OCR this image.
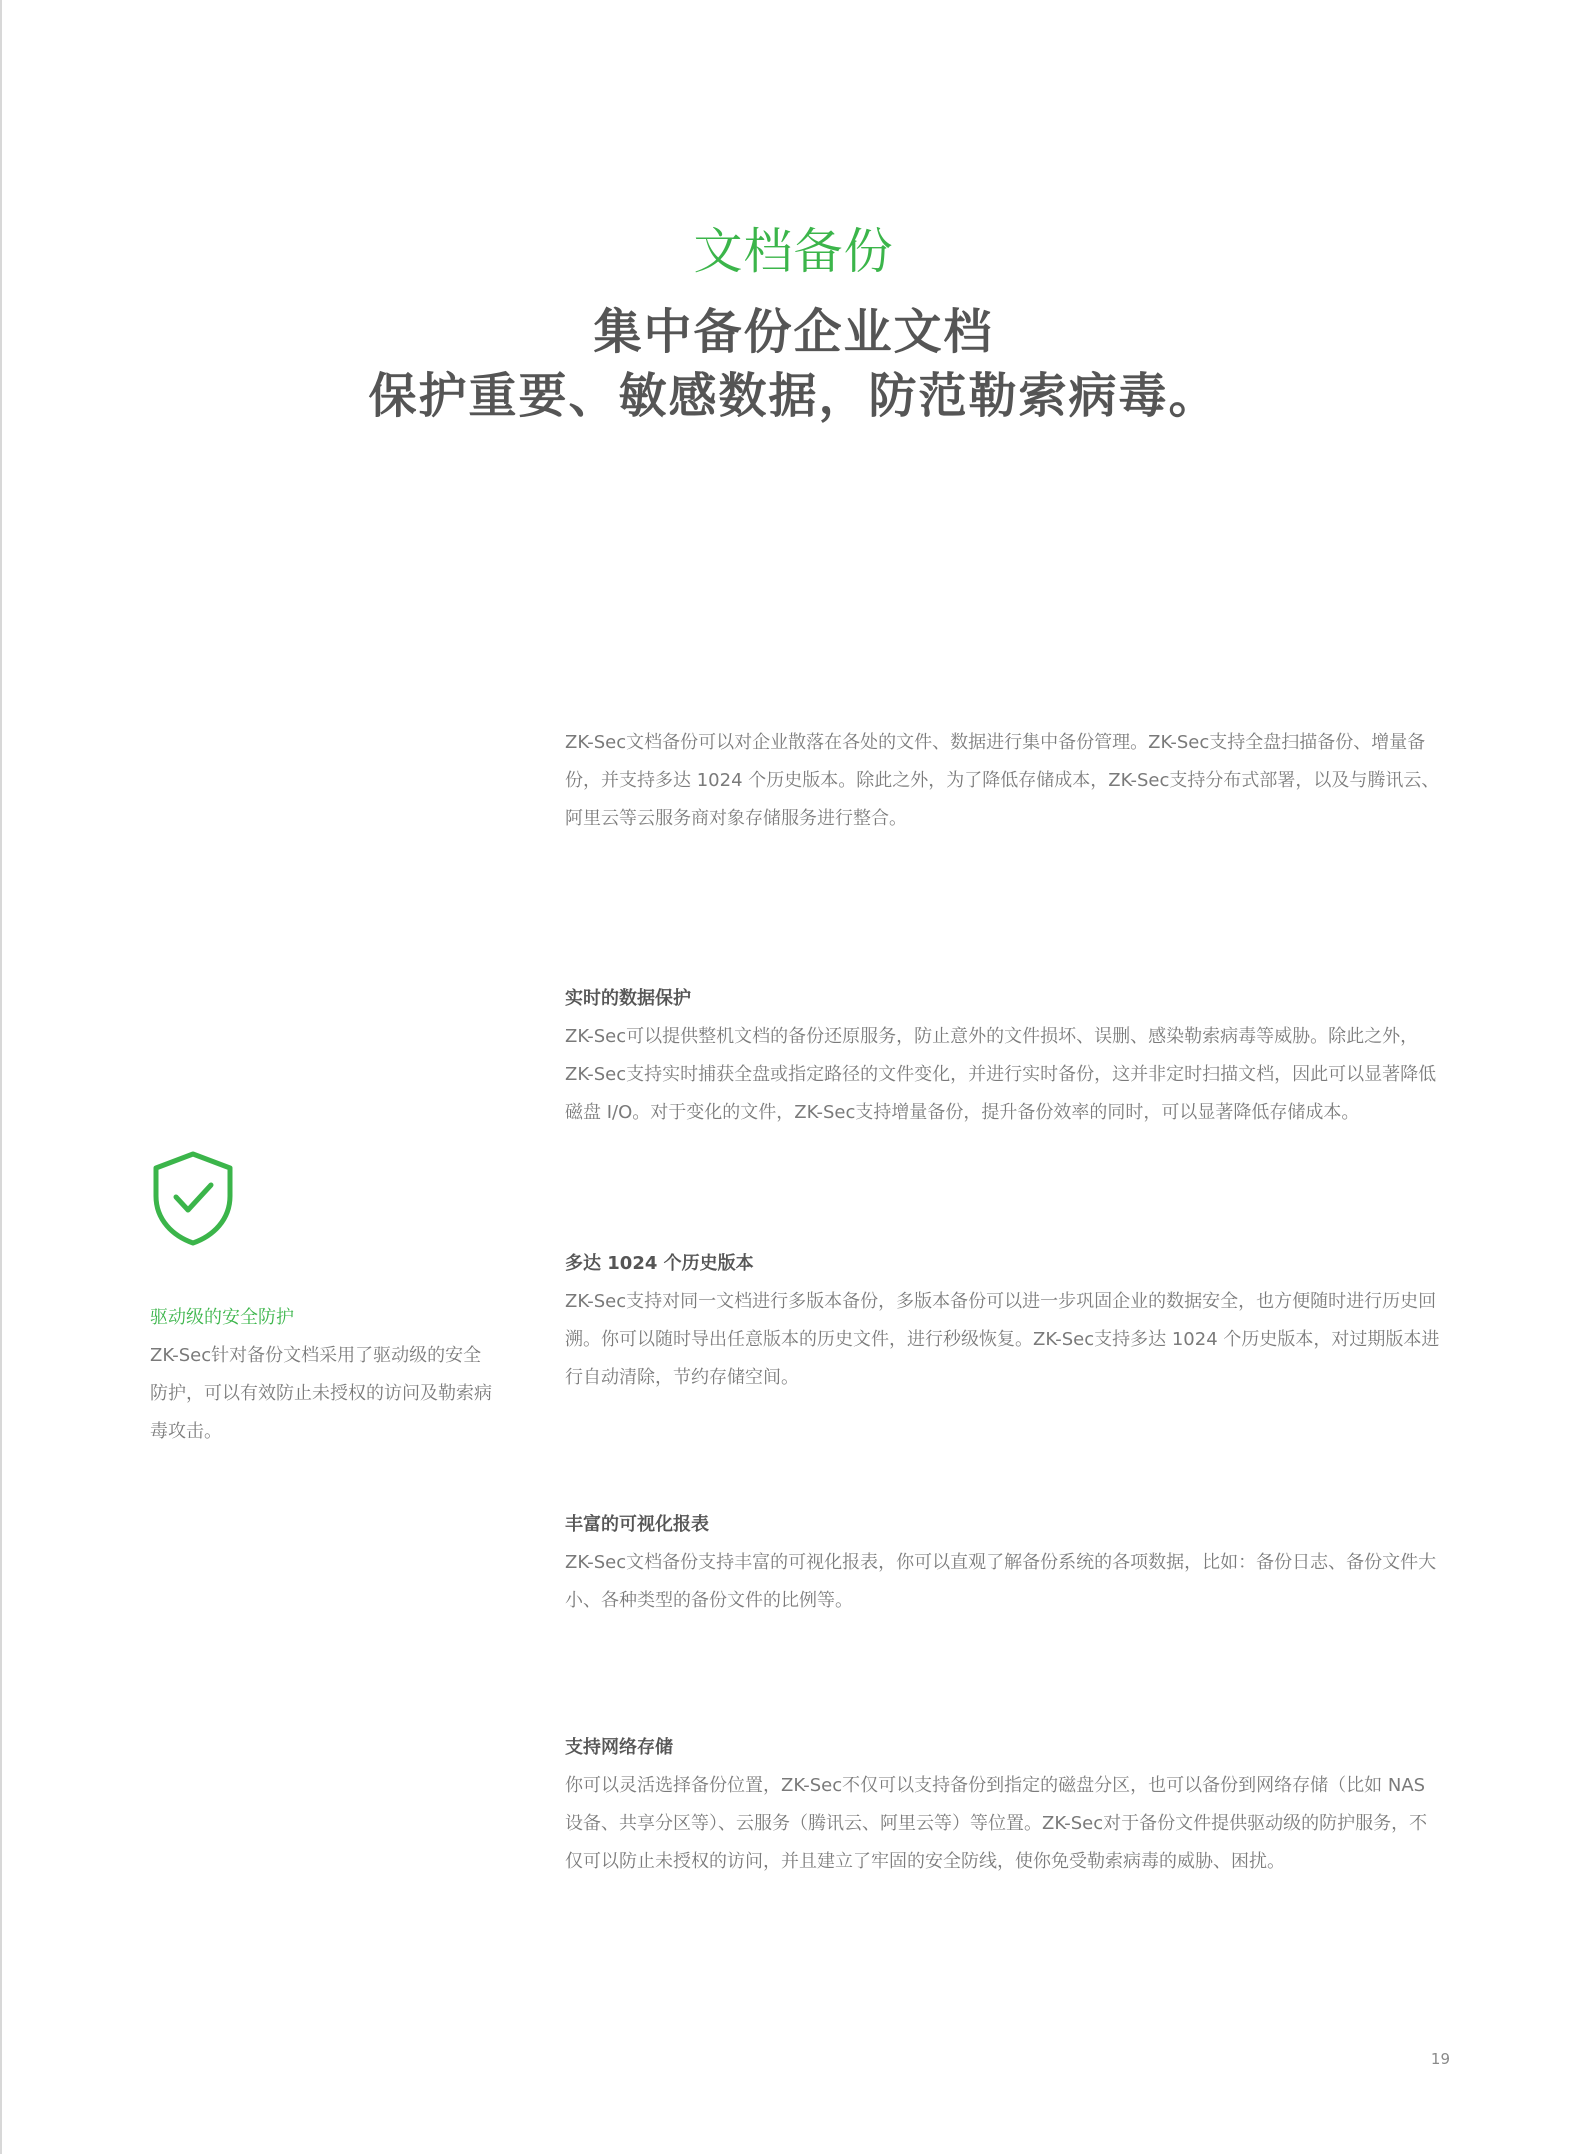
文档备份
集中备份企业文档
保护重要、敏感数据，防范勒索病毒。
ZK-Sec文档备份可以对企业散落在各处的文件、数据进行集中备份管理。ZK-Sec支持全盘扫描备份、增量备份，并支持多达 1024 个历史版本。除此之外，为了降低存储成本，ZK-Sec支持分布式部署，以及与腾讯云、阿里云等云服务商对象存储服务进行整合。
实时的数据保护
ZK-Sec可以提供整机文档的备份还原服务，防止意外的文件损坏、误删、感染勒索病毒等威胁。除此之外，ZK-Sec支持实时捕获全盘或指定路径的文件变化，并进行实时备份，这并非定时扫描文档，因此可以显著降低磁盘 I/O。对于变化的文件，ZK-Sec支持增量备份，提升备份效率的同时，可以显著降低存储成本。
多达 1024 个历史版本
ZK-Sec支持对同一文档进行多版本备份，多版本备份可以进一步巩固企业的数据安全，也方便随时进行历史回溯。你可以随时导出任意版本的历史文件，进行秒级恢复。ZK-Sec支持多达 1024 个历史版本，对过期版本进行自动清除，节约存储空间。
丰富的可视化报表
ZK-Sec文档备份支持丰富的可视化报表，你可以直观了解备份系统的各项数据，比如：备份日志、备份文件大小、各种类型的备份文件的比例等。
支持网络存储
你可以灵活选择备份位置，ZK-Sec不仅可以支持备份到指定的磁盘分区，也可以备份到网络存储（比如 NAS 设备、共享分区等）、云服务（腾讯云、阿里云等）等位置。ZK-Sec对于备份文件提供驱动级的防护服务，不仅可以防止未授权的访问，并且建立了牢固的安全防线，使你免受勒索病毒的威胁、困扰。
驱动级的安全防护
ZK-Sec针对备份文档采用了驱动级的安全防护，可以有效防止未授权的访问及勒索病毒攻击。
19
